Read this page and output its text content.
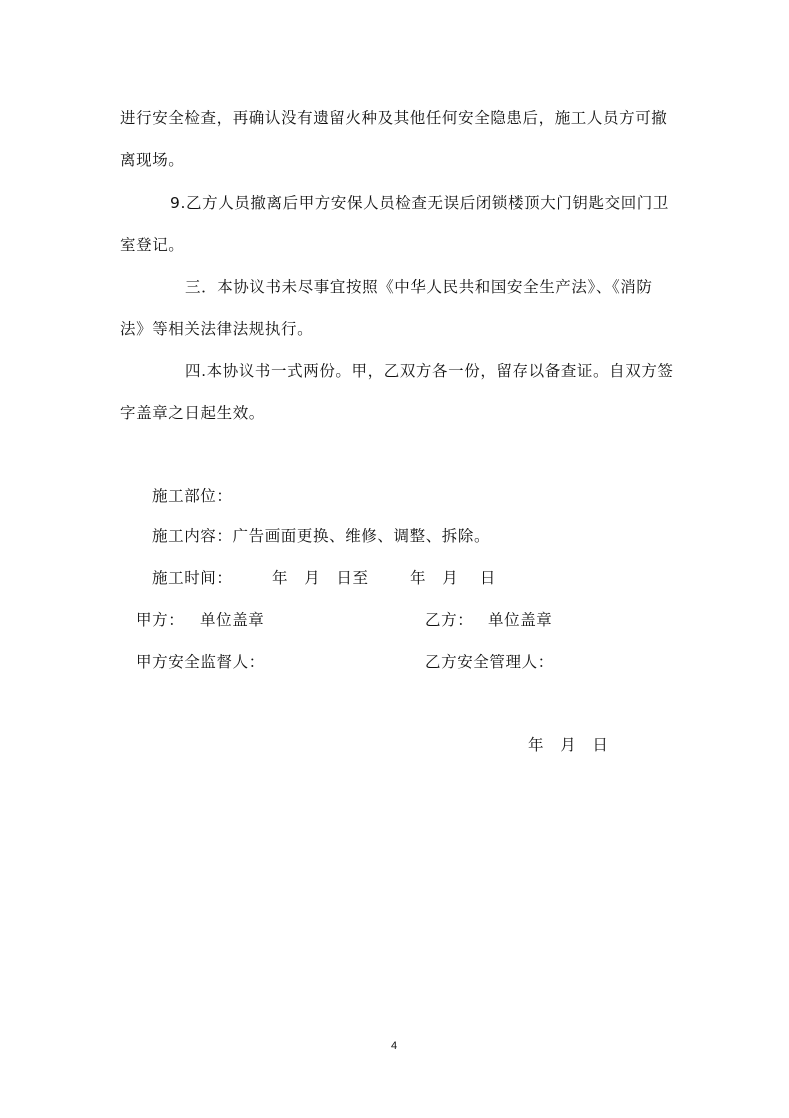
进行安全检查，再确认没有遗留火种及其他任何安全隐患后，施工人员方可撤
离现场。
9.乙方人员撤离后甲方安保人员检查无误后闭锁楼顶大门钥匙交回门卫
室登记。
三．本协议书未尽事宜按照《中华人民共和国安全生产法》、《消防
法》等相关法律法规执行。
四.本协议书一式两份。甲，乙双方各一份，留存以备查证。自双方签
字盖章之日起生效。
施工部位：
施工内容：广告画面更换、维修、调整、拆除。
施工时间：	年　月　日至	年　月　 日
甲方： 单位盖章	乙方： 单位盖章
甲方安全监督人：	乙方安全管理人：
年　月　日
4
